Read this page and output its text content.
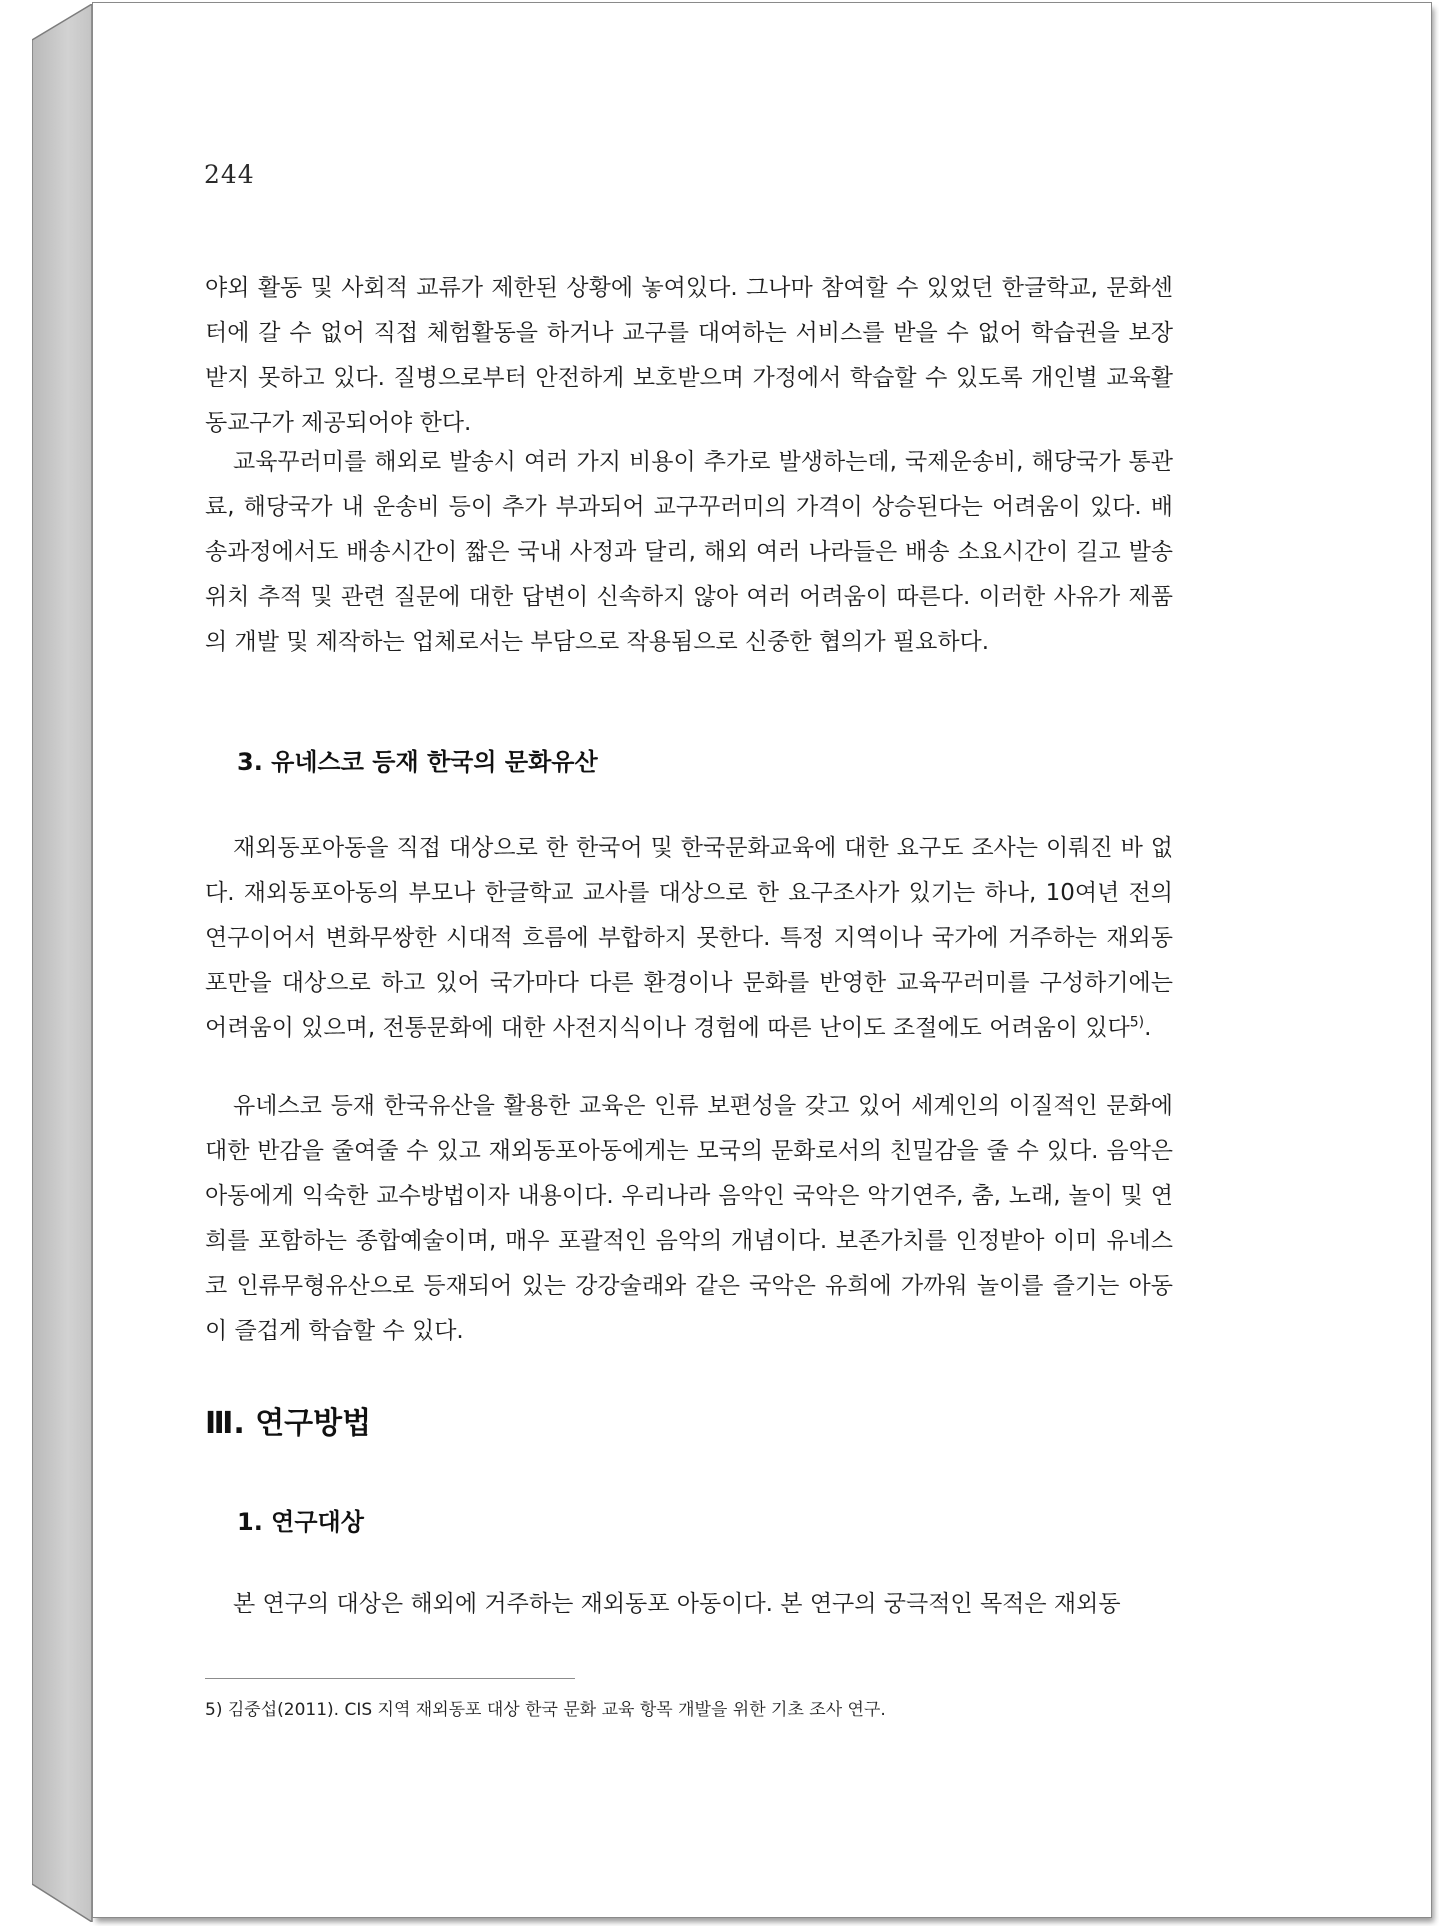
244

야외 활동 및 사회적 교류가 제한된 상황에 놓여있다. 그나마 참여할 수 있었던 한글학교, 문화센터에 갈 수 없어 직접 체험활동을 하거나 교구를 대여하는 서비스를 받을 수 없어 학습권을 보장받지 못하고 있다. 질병으로부터 안전하게 보호받으며 가정에서 학습할 수 있도록 개인별 교육활동교구가 제공되어야 한다.

교육꾸러미를 해외로 발송시 여러 가지 비용이 추가로 발생하는데, 국제운송비, 해당국가 통관료, 해당국가 내 운송비 등이 추가 부과되어 교구꾸러미의 가격이 상승된다는 어려움이 있다. 배송과정에서도 배송시간이 짧은 국내 사정과 달리, 해외 여러 나라들은 배송 소요시간이 길고 발송 위치 추적 및 관련 질문에 대한 답변이 신속하지 않아 여러 어려움이 따른다. 이러한 사유가 제품의 개발 및 제작하는 업체로서는 부담으로 작용됨으로 신중한 협의가 필요하다.

3. 유네스코 등재 한국의 문화유산

재외동포아동을 직접 대상으로 한 한국어 및 한국문화교육에 대한 요구도 조사는 이뤄진 바 없다. 재외동포아동의 부모나 한글학교 교사를 대상으로 한 요구조사가 있기는 하나, 10여년 전의 연구이어서 변화무쌍한 시대적 흐름에 부합하지 못한다. 특정 지역이나 국가에 거주하는 재외동포만을 대상으로 하고 있어 국가마다 다른 환경이나 문화를 반영한 교육꾸러미를 구성하기에는 어려움이 있으며, 전통문화에 대한 사전지식이나 경험에 따른 난이도 조절에도 어려움이 있다$^{5)}$.

유네스코 등재 한국유산을 활용한 교육은 인류 보편성을 갖고 있어 세계인의 이질적인 문화에 대한 반감을 줄여줄 수 있고 재외동포아동에게는 모국의 문화로서의 친밀감을 줄 수 있다. 음악은 아동에게 익숙한 교수방법이자 내용이다. 우리나라 음악인 국악은 악기연주, 춤, 노래, 놀이 및 연희를 포함하는 종합예술이며, 매우 포괄적인 음악의 개념이다. 보존가치를 인정받아 이미 유네스코 인류무형유산으로 등재되어 있는 강강술래와 같은 국악은 유희에 가까워 놀이를 즐기는 아동이 즐겁게 학습할 수 있다.

Ⅲ. 연구방법
1. 연구대상

본 연구의 대상은 해외에 거주하는 재외동포 아동이다. 본 연구의 궁극적인 목적은 재외동

5) 김중섭(2011). CIS 지역 재외동포 대상 한국 문화 교육 항목 개발을 위한 기초 조사 연구.
